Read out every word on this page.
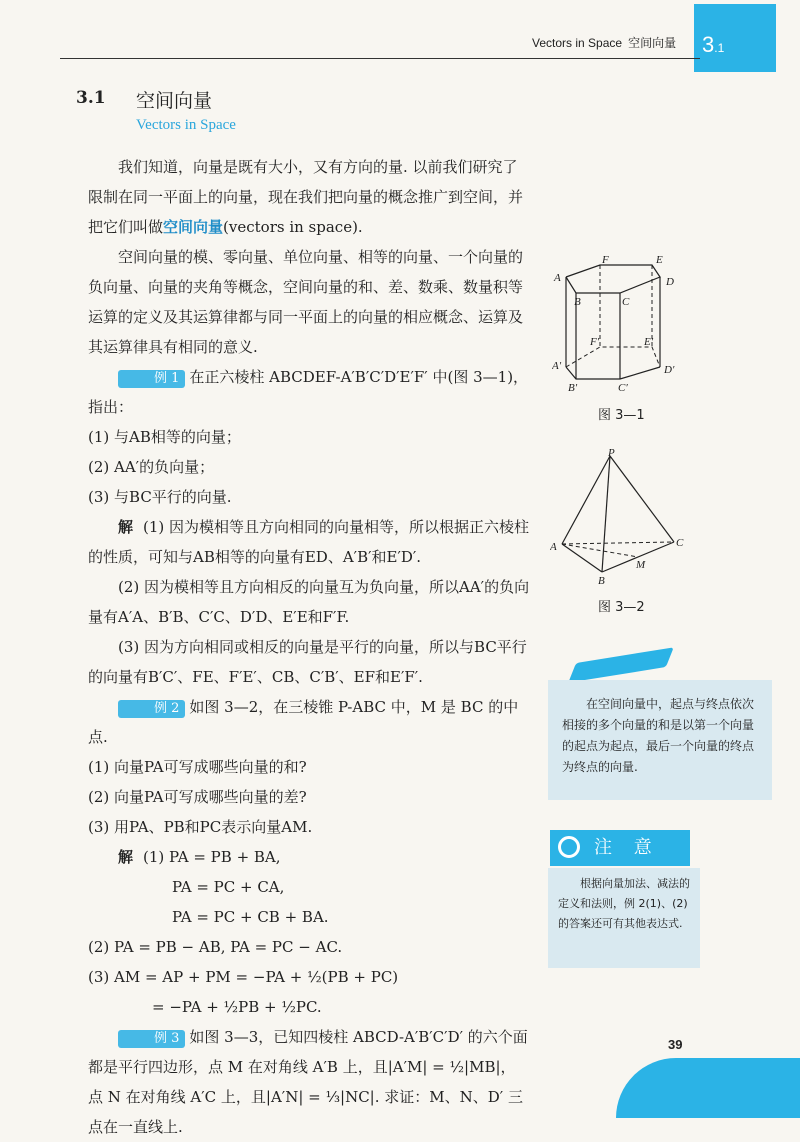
3.1
Vectors in Space 空间向量
3.1 空间向量
Vectors in Space

我们知道，向量是既有大小，又有方向的量. 以前我们研究了限制在同一平面上的向量，现在我们把向量的概念推广到空间，并把它们叫做空间向量(vectors in space).

空间向量的模、零向量、单位向量、相等的向量、一个向量的负向量、向量的夹角等概念，空间向量的和、差、数乘、数量积等运算的定义及其运算律都与同一平面上的向量的相应概念、运算及其运算律具有相同的意义.

例 1 在正六棱柱 ABCDEF-A′B′C′D′E′F′ 中(图 3—1)，指出：

(1) 与AB相等的向量；

(2) AA′的负向量；

(3) 与BC平行的向量.

解 (1) 因为模相等且方向相同的向量相等，所以根据正六棱柱的性质，可知与AB相等的向量有ED、A′B′和E′D′.

(2) 因为模相等且方向相反的向量互为负向量，所以AA′的负向量有A′A、B′B、C′C、D′D、E′E和F′F.

(3) 因为方向相同或相反的向量是平行的向量，所以与BC平行的向量有B′C′、FE、F′E′、CB、C′B′、EF和E′F′.

例 2 如图 3—2，在三棱锥 P-ABC 中，M 是 BC 的中点.

(1) 向量PA可写成哪些向量的和?

(2) 向量PA可写成哪些向量的差?

(3) 用PA、PB和PC表示向量AM.

解 (1) PA = PB + BA,

PA = PC + CA,

PA = PC + CB + BA.

(2) PA = PB − AB, PA = PC − AC.

(3) AM = AP + PM = −PA + ½(PB + PC)

= −PA + ½PB + ½PC.

例 3 如图 3—3，已知四棱柱 ABCD-A′B′C′D′ 的六个面都是平行四边形，点 M 在对角线 A′B 上，且|A′M| = ½|MB|，点 N 在对角线 A′C 上，且|A′N| = ⅓|NC|. 求证：M、N、D′ 三点在一直线上.

A
B	C
D
E
F
A′
B′	C′
D′
E′
F′
图 3—1
P
A
B
C
M
图 3—2

在空间向量中，起点与终点依次相接的多个向量的和是以第一个向量的起点为起点，最后一个向量的终点为终点的向量.

注 意

根据向量加法、减法的定义和法则，例 2(1)、(2)的答案还可有其他表达式.

39
